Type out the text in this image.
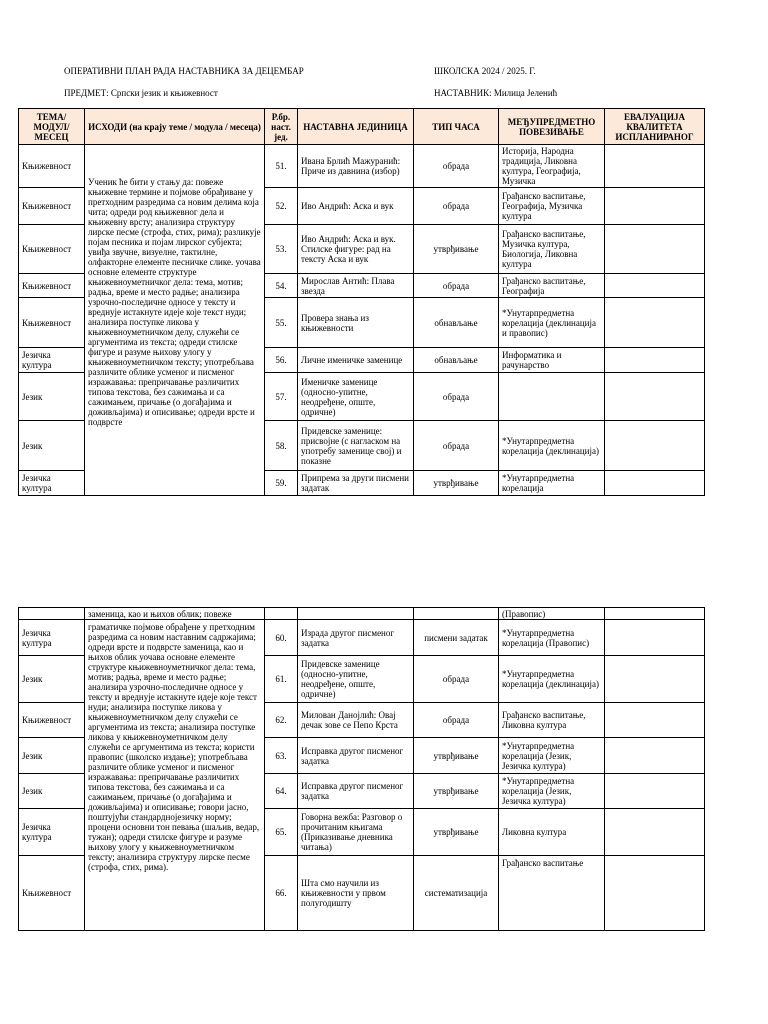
ОПЕРАТИВНИ ПЛАН РАДА НАСТАВНИКА ЗА ДЕЦЕМБАР	ШКОЛСКА 2024 / 2025. Г.
ПРЕДМЕТ: Српски језик и књижевност	НАСТАВНИК: Милица Јеленић
ТЕМА/ МОДУЛ/ МЕСЕЦ	ИСХОДИ (на крају теме / модула / месеца)	Р.бр. наст. јед.	НАСТАВНА ЈЕДИНИЦА	ТИП ЧАСА	МЕЂУПРЕДМЕТНО ПОВЕЗИВАЊЕ	ЕВАЛУАЦИЈА КВАЛИТЕТА ИСПЛАНИРАНОГ
Књижевност	Ученик ће бити у стању да: повеже књижевне термине и појмове обрађиване у претходним разредима са новим делима која чита; одреди род књижевног дела и књижевну врсту; анализира структуру лирске песме (строфа, стих, рима); разликује појам песника и појам лирског субјекта; увиђа звучне, визуелне, тактилне, олфакторне елементе песничке слике. уочава основне елементе структуре књижевноуметничког дела: тема, мотив; радња, време и место радње; анализира узрочно-последичне односе у тексту и вреднује истакнуте идеје које текст нуди; анализира поступке ликова у књижевноуметничком делу, служећи се аргументима из текста; одреди стилске фигуре и разуме њихову улогу у књижевноуметничком тексту; употребљава различите облике усменог и писменог изражавања: препричавање различитих типова текстова, без сажимања и са сажимањем, причање (о догађајима и доживљајима) и описивање; одреди врсте и подврсте	51.	Ивана Брлић Мажуранић: Приче из давнина (избор)	обрада	Историја, Народна традиција, Ликовна култура, Географија, Музичка	
Књижевност		52.	Иво Андрић: Аска и вук	обрада	Грађанско васпитање, Географија, Музичка култура	
Књижевност		53.	Иво Андрић: Аска и вук. Стилске фигуре: рад на тексту Аска и вук	утврђивање	Грађанско васпитање, Музичка култура, Биологија, Ликовна култура	
Књижевност		54.	Мирослав Антић: Плава звезда	обрада	Грађанско васпитање, Географија	
Књижевност		55.	Провера знања из књижевности	обнављање	*Унутарпредметна корелација (деклинација и правопис)	
Језичка култура		56.	Личне именичке заменице	обнављање	Информатика и рачунарство	
Језик		57.	Именичке заменице (односно-упитне, неодређене, опште, одричне)	обрада		
Језик		58.	Придевске заменице: присвојне (с нагласком на употребу заменице своj) и показне	обрада	*Унутарпредметна корелација (деклинација)	
Језичка култура		59.	Припрема за други писмени задатак	утврђивање	*Унутарпредметна корелација	
	заменица, као и њихов облик; повеже				(Правопис)	
Језичка култура	граматичке појмове обрађене у претходним разредима са новим наставним садржајима; одреди врсте и подврсте заменица, као и њихов облик уочава основне елементе структуре књижевноуметничког дела: тема, мотив; радња, време и место радње; анализира узрочно-последичне односе у тексту и вреднује истакнуте идеје које текст нуди; анализира поступке ликова у књижевноуметничком делу служећи се аргументима из текста; анализира поступке ликова у књижевноуметничком делу служећи се аргументима из текста; користи правопис (школско издање); употребљава различите облике усменог и писменог изражавања: препричавање различитих типова текстова, без сажимања и са сажимањем, причање (о догађајима и доживљајима) и описивање; говори јасно, поштујући стандарднојезичку норму; процени основни тон певања (шаљив, ведар, тужан); одреди стилске фигуре и разуме њихову улогу у књижевноуметничком тексту; анализира структуру лирске песме (строфа, стих, рима).	60.	Израда другог писменог задатка	писмени задатак	*Унутарпредметна корелација (Правопис)	
Језик		61.	Придевске заменице (односно-упитне, неодређене, опште, одричне)	обрада	*Унутарпредметна корелација (деклинација)	
Књижевност		62.	Милован Данојлић: Овај дечак зове се Пепо Крста	обрада	Грађанско васпитање, Ликовна култура	
Језик		63.	Исправка другог писменог задатка	утврђивање	*Унутарпредметна корелација (Језик, Језичка култура)	
Језик		64.	Исправка другог писменог задатка	утврђивање	*Унутарпредметна корелација (Језик, Језичка култура)	
Језичка култура		65.	Говорна вежба: Разговор о прочитаним књигама (Приказивање дневника читања)	утврђивање	Ликовна култура	
Књижевност		66.	Шта смо научили из књижевности у првом полугодишту	систематизација	Грађанско васпитање	
